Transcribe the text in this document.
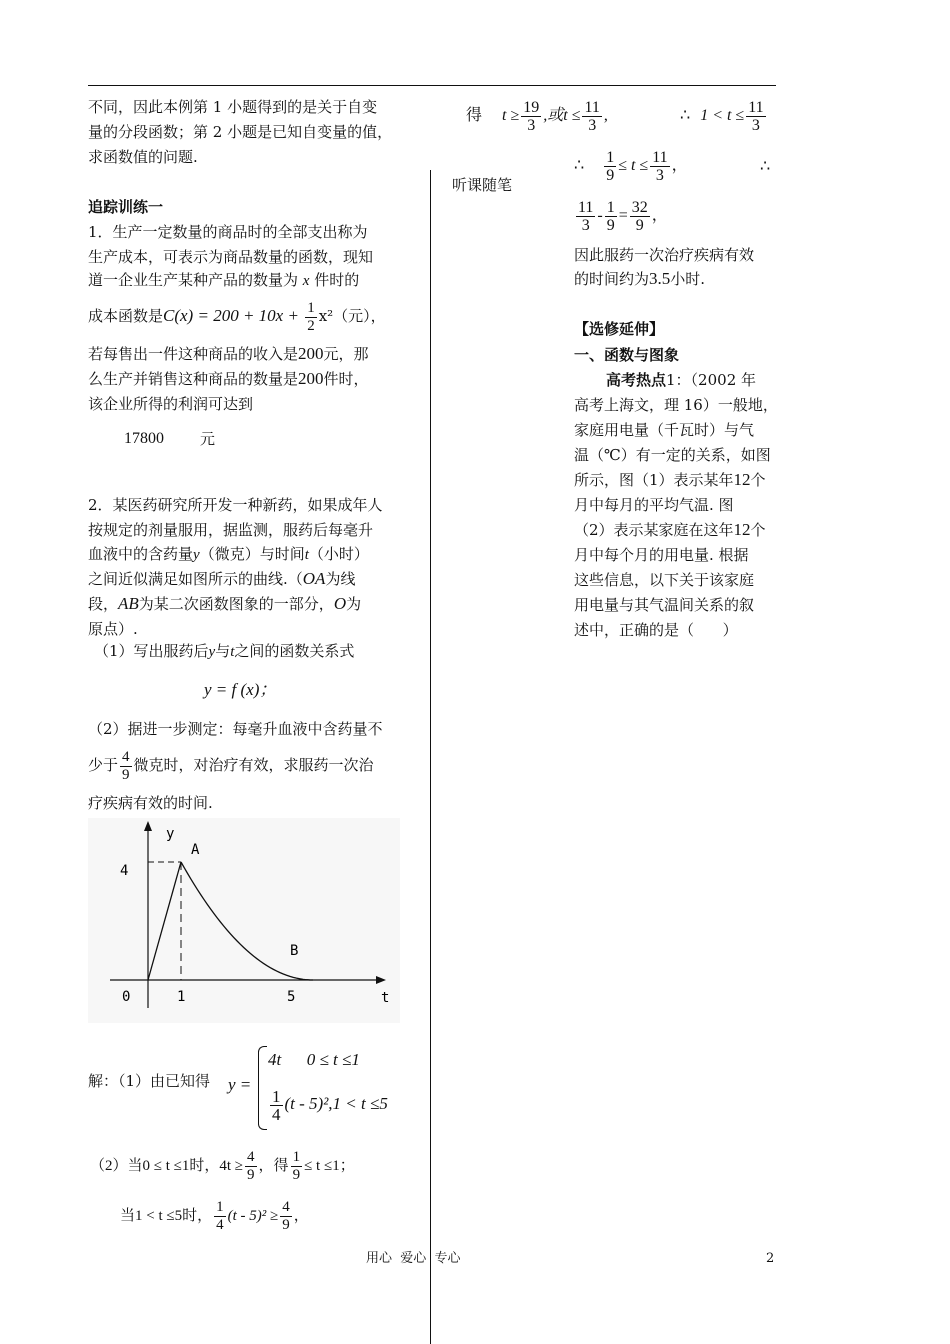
不同，因此本例第 1 小题得到的是关于自变
量的分段函数；第 2 小题是已知自变量的值，
求函数值的问题.
追踪训练一
1．生产一定数量的商品时的全部支出称为
生产成本，可表示为商品数量的函数，现知
道一企业生产某种产品的数量为 x 件时的
成本函数是$C(x) = 200 + 10x + \frac{1}{2} x^2$（元），
若每售出一件这种商品的收入是200元，那
么生产并销售这种商品的数量是200件时，
该企业所得的利润可达到
17800 元
2．某医药研究所开发一种新药，如果成年人
按规定的剂量服用，据监测，服药后每毫升
血液中的含药量y（微克）与时间t（小时）
之间近似满足如图所示的曲线.（OA为线
段，AB为某二次函数图象的一部分，O为
原点）.
（1）写出服药后y与t之间的函数关系式
y = f (x)；
（2）据进一步测定：每毫升血液中含药量不
少于 $\frac{4}{9}$ 微克时，对治疗有效，求服药一次治
疗疾病有效的时间.
y
t
A
B
4
0	1	5
解：（1）由已知得 y =
4t      0 ≤ t ≤1
$\frac{1}{4} (t - 5)^2,1 < t \le 5$
（2）当0 ≤ t ≤1时，$4t \ge \frac{4}{9}$ ，得 $\frac{1}{9} \le t \le 1$；
当1 < t ≤5时， $\frac{1}{4} (t - 5)^2 \ge \frac{4}{9}$ ，
得 $t \ge \frac{19}{3}$ ,或$t \le \frac{11}{3}$ ,	∴ $1 < t \le \frac{11}{3}$
听课随笔
∴ $\frac{1}{9} \le t \le \frac{11}{3}$ ，	∴
$\frac{11}{3} - \frac{1}{9} = \frac{32}{9}$ ，
因此服药一次治疗疾病有效
的时间约为3.5小时.
【选修延伸】
一、函数与图象
高考热点1：（2002 年
高考上海文，理 16）一般地，
家庭用电量（千瓦时）与气
温（℃）有一定的关系，如图
所示，图（1）表示某年12个
月中每月的平均气温. 图
（2）表示某家庭在这年12个
月中每个月的用电量. 根据
这些信息，以下关于该家庭
用电量与其气温间关系的叙
述中，正确的是（      ）
用心  爱心  专心	2
